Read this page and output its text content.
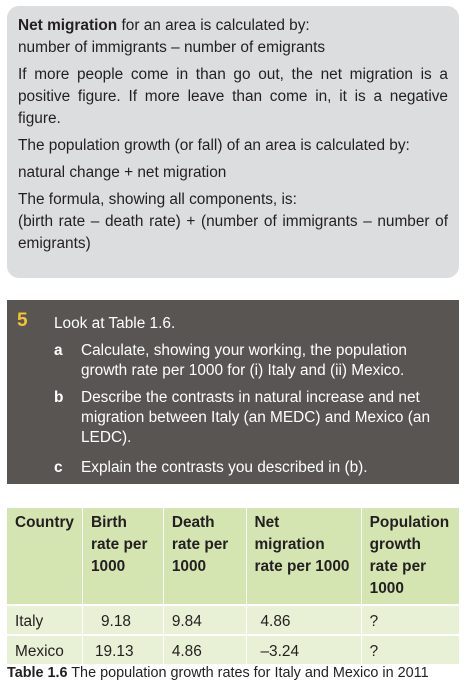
Net migration for an area is calculated by:

number of immigrants – number of emigrants

If more people come in than go out, the net migration is a positive figure. If more leave than come in, it is a negative figure.

The population growth (or fall) of an area is calculated by:

natural change + net migration

The formula, showing all components, is:

(birth rate – death rate) + (number of immigrants – number of emigrants)

5 Look at Table 1.6.
a Calculate, showing your working, the population growth rate per 1000 for (i) Italy and (ii) Mexico.
b Describe the contrasts in natural increase and net migration between Italy (an MEDC) and Mexico (an LEDC).
c Explain the contrasts you described in (b).
Country	Birth rate per 1000	Death rate per 1000	Net migration rate per 1000	Population growth rate per 1000
Italy	9.18	9.84	4.86	?
Mexico	19.13	4.86	–3.24	?
Table 1.6 The population growth rates for Italy and Mexico in 2011
